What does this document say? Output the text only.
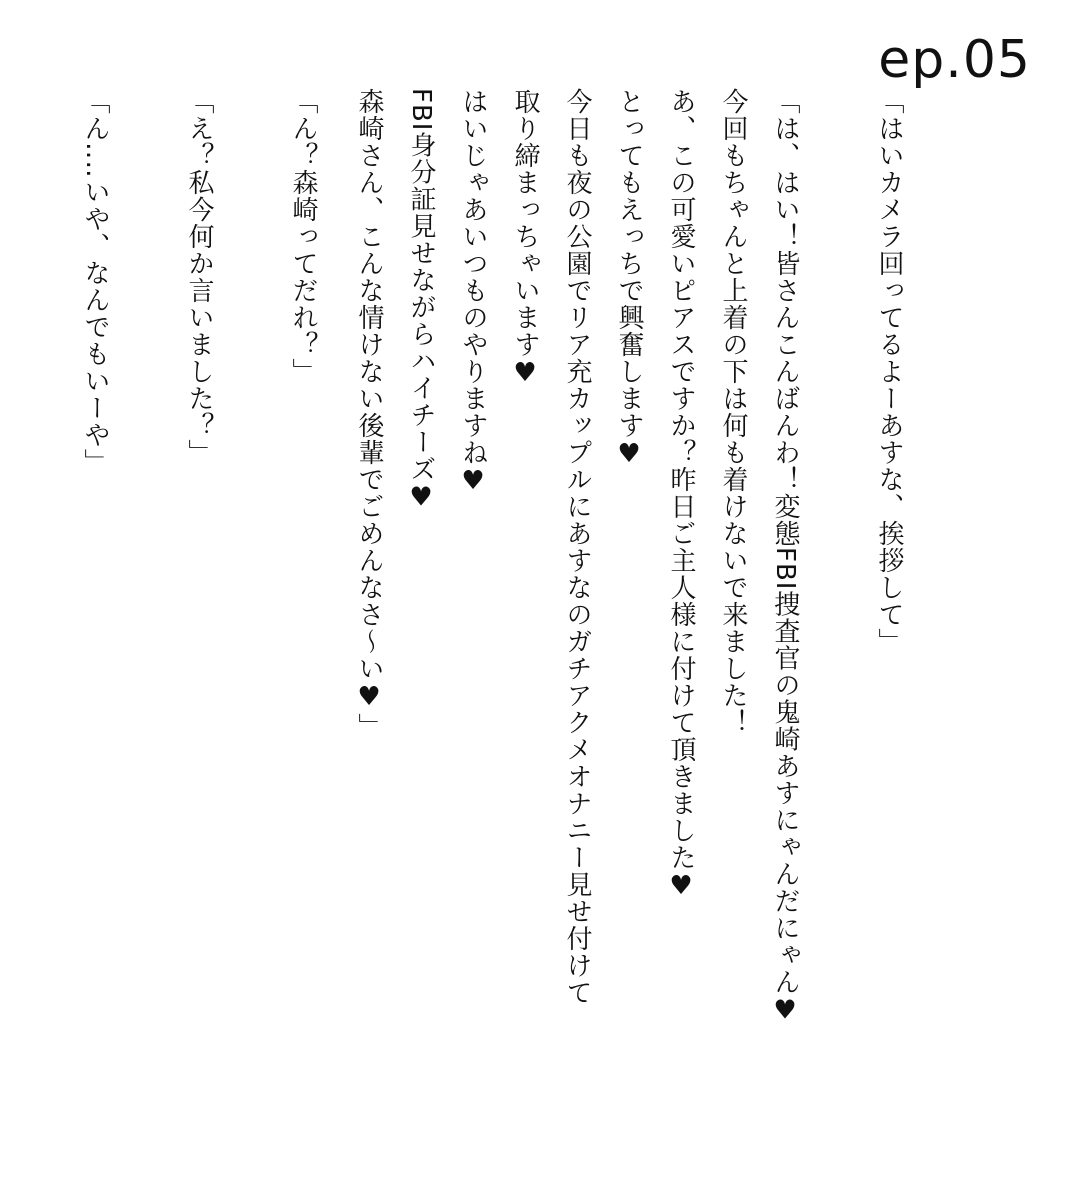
ep.05

「はいカメラ回ってるよーあすな、挨拶して」

「は、はい！皆さんこんばんわ！変態FBI捜査官の鬼崎あすにゃんだにゃん♥

今回もちゃんと上着の下は何も着けないで来ました！

あ、この可愛いピアスですか？昨日ご主人様に付けて頂きました♥

とってもえっちで興奮します♥

今日も夜の公園でリア充カップルにあすなのガチアクメオナニー見せ付けて

取り締まっちゃいます♥

はいじゃあいつものやりますね♥

FBI身分証見せながらハイチーズ♥

森崎さん、こんな情けない後輩でごめんなさ～い♥」

「ん？森崎ってだれ？」

「え？私今何か言いました？」

「ん‥‥いや、なんでもいーや」
